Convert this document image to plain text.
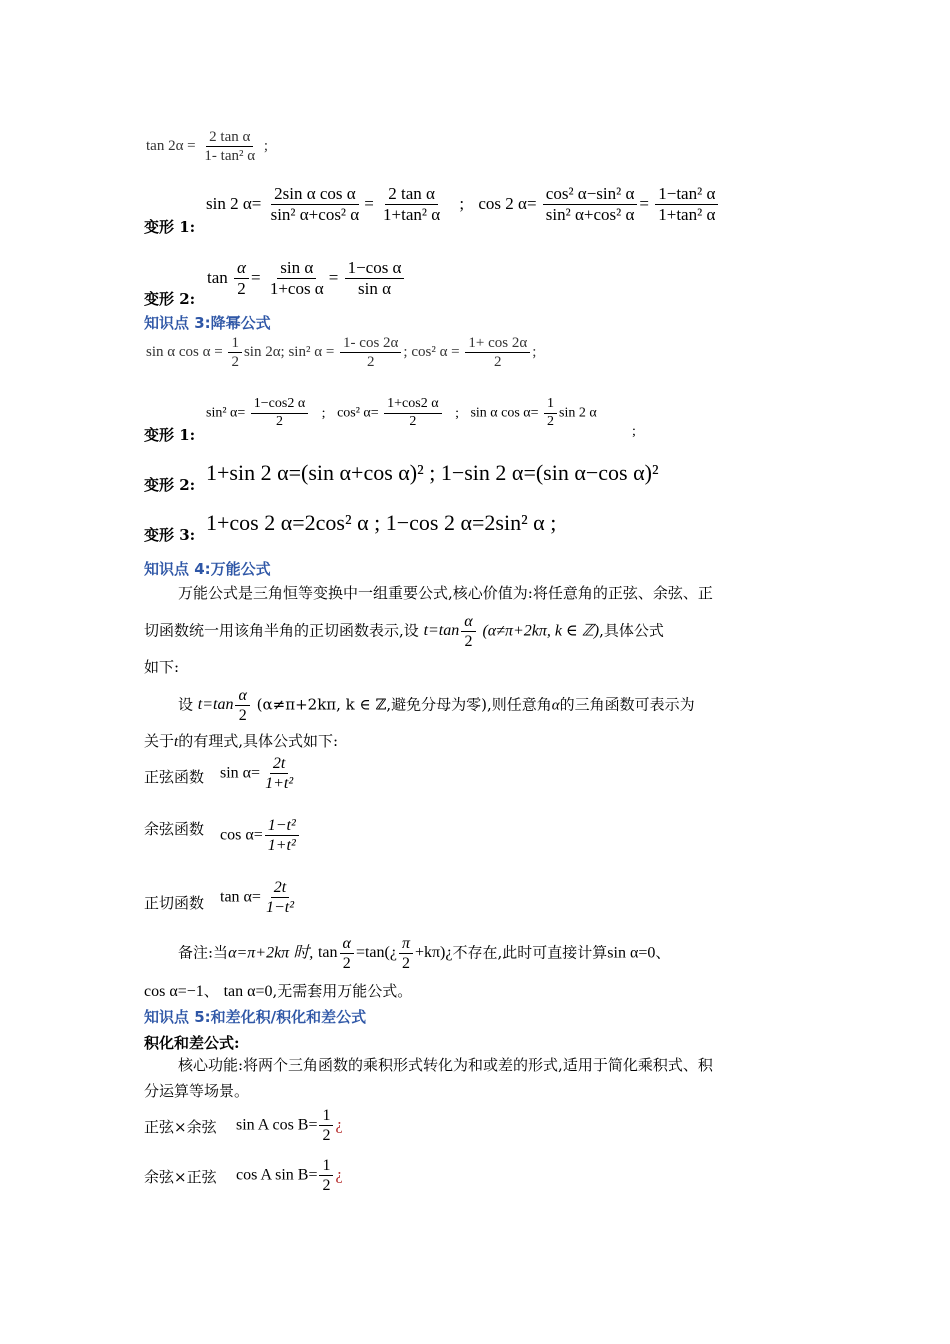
$\tan 2\alpha = \frac{\text{2 tan α}}{\text{1- tan² α}}$ ;
变形 1:
sin 2 $\alpha= \frac{\text{2sin α cos α}}{\text{sin² α+cos² α}} = \frac{\text{2 tan α}}{\text{1+tan² α}}$ ; cos 2 $\alpha= \frac{\text{cos² α−sin² α}}{\text{sin² α+cos² α}} = \frac{\text{1−tan² α}}{\text{1+tan² α}}$
变形 2:
$\tan \frac{\alpha}{2} = \frac{\text{sin α}}{\text{1+cos α}} = \frac{\text{1−cos α}}{\text{sin α}}$
知识点 3:降幂公式
sin α $\cos \alpha = \frac{1}{2}$ sin 2α; sin² $\alpha = \frac{1- \cos 2\alpha}{2}$ ; cos² $\alpha = \frac{1+ \cos 2\alpha}{2}$ ;
变形 1:
sin² $\alpha= \frac{1-\cos 2 \alpha}{2}$ ; cos² $\alpha= \frac{1+\cos 2 \alpha}{2}$ ; sin α $\cos \alpha= \frac{1}{2}$ sin 2 α
;
变形 2: 1+sin 2 α=(sin α+cos α)² ; 1−sin 2 α=(sin α−cos α)²
变形 3: 1+cos 2 α=2cos² α ; 1−cos 2 α=2sin² α ;
知识点 4:万能公式
万能公式是三角恒等变换中一组重要公式,核心价值为:将任意角的正弦、余弦、正
切函数统一用该角半角的正切函数表示,设 $t=\tan \frac{\alpha}{2} (\alpha\ne\pi+2k\pi$, k ∈ ℤ),具体公式
如下:
设 $t=\tan \frac{\alpha}{2} (\alpha\ne\pi+2k\pi$, k ∈ ℤ,避免分母为零),则任意角α的三角函数可表示为
关于t的有理式,具体公式如下:
正弦函数 $\sin \alpha= \frac{2t}{\text{1+t²}}$
余弦函数 $\cos \alpha= \frac{\text{1−t²}}{\text{1+t²}}$
正切函数 $\tan \alpha= \frac{2t}{\text{1−t²}}$
备注:当α=π+2kπ 时, $\tan \frac{\alpha}{2}$ =tan(¿ $\frac{\pi}{2}$ +kπ)¿不存在,此时可直接计算sin α=0、
cos α=−1、 tan α=0,无需套用万能公式。
知识点 5:和差化积/积化和差公式
积化和差公式:
核心功能:将两个三角函数的乘积形式转化为和或差的形式,适用于简化乘积式、积
分运算等场景。
正弦×余弦 sin A $\cos B= \frac{1}{2}$ ¿
余弦×正弦 cos A $\sin B= \frac{1}{2}$ ¿
